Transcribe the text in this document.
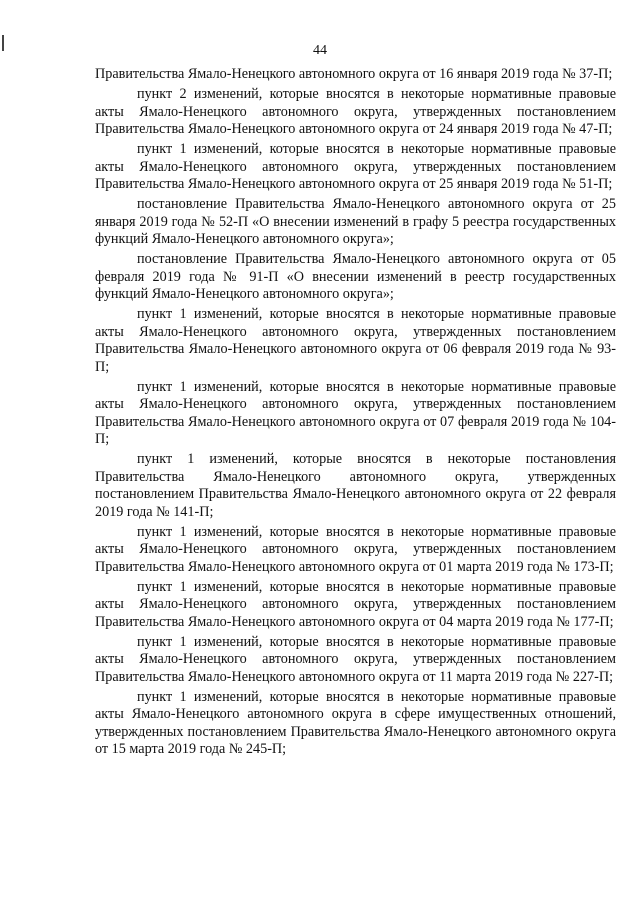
44

Правительства Ямало-Ненецкого автономного округа от 16 января 2019 года № 37-П;

пункт 2 изменений, которые вносятся в некоторые нормативные правовые акты Ямало-Ненецкого автономного округа, утвержденных постановлением Правительства Ямало-Ненецкого автономного округа от 24 января 2019 года № 47-П;

пункт 1 изменений, которые вносятся в некоторые нормативные правовые акты Ямало-Ненецкого автономного округа, утвержденных постановлением Правительства Ямало-Ненецкого автономного округа от 25 января 2019 года № 51-П;

постановление Правительства Ямало-Ненецкого автономного округа от 25 января 2019 года № 52-П «О внесении изменений в графу 5 реестра государственных функций Ямало-Ненецкого автономного округа»;

постановление Правительства Ямало-Ненецкого автономного округа от 05 февраля 2019 года № 91-П «О внесении изменений в реестр государственных функций Ямало-Ненецкого автономного округа»;

пункт 1 изменений, которые вносятся в некоторые нормативные правовые акты Ямало-Ненецкого автономного округа, утвержденных постановлением Правительства Ямало-Ненецкого автономного округа от 06 февраля 2019 года № 93-П;

пункт 1 изменений, которые вносятся в некоторые нормативные правовые акты Ямало-Ненецкого автономного округа, утвержденных постановлением Правительства Ямало-Ненецкого автономного округа от 07 февраля 2019 года № 104-П;

пункт 1 изменений, которые вносятся в некоторые постановления Правительства Ямало-Ненецкого автономного округа, утвержденных постановлением Правительства Ямало-Ненецкого автономного округа от 22 февраля 2019 года № 141-П;

пункт 1 изменений, которые вносятся в некоторые нормативные правовые акты Ямало-Ненецкого автономного округа, утвержденных постановлением Правительства Ямало-Ненецкого автономного округа от 01 марта 2019 года № 173-П;

пункт 1 изменений, которые вносятся в некоторые нормативные правовые акты Ямало-Ненецкого автономного округа, утвержденных постановлением Правительства Ямало-Ненецкого автономного округа от 04 марта 2019 года № 177-П;

пункт 1 изменений, которые вносятся в некоторые нормативные правовые акты Ямало-Ненецкого автономного округа, утвержденных постановлением Правительства Ямало-Ненецкого автономного округа от 11 марта 2019 года № 227-П;

пункт 1 изменений, которые вносятся в некоторые нормативные правовые акты Ямало-Ненецкого автономного округа в сфере имущественных отношений, утвержденных постановлением Правительства Ямало-Ненецкого автономного округа от 15 марта 2019 года № 245-П;
